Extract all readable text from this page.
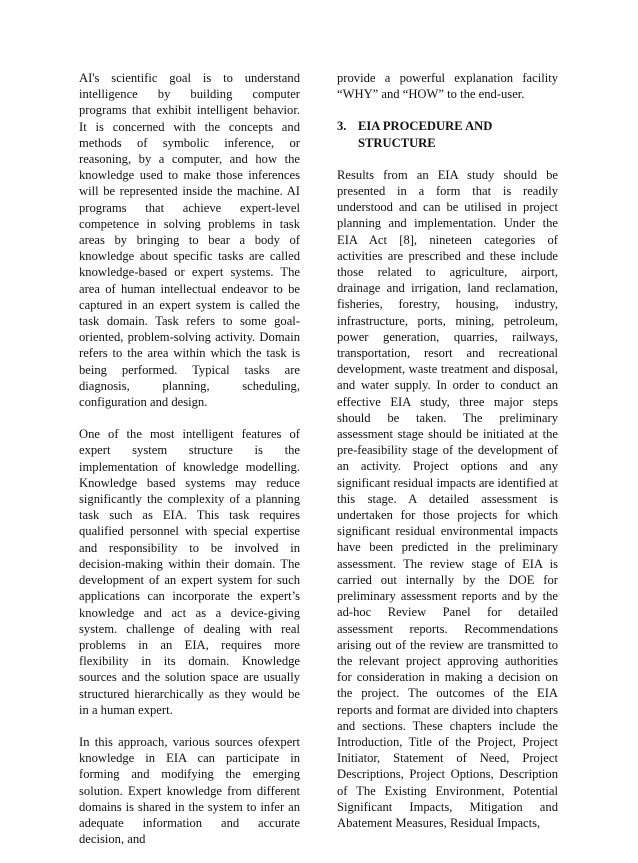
AI's scientific goal is to understand intelligence by building computer programs that exhibit intelligent behavior. It is concerned with the concepts and methods of symbolic inference, or reasoning, by a computer, and how the knowledge used to make those inferences will be represented inside the machine. AI programs that achieve expert-level competence in solving problems in task areas by bringing to bear a body of knowledge about specific tasks are called knowledge-based or expert systems. The area of human intellectual endeavor to be captured in an expert system is called the task domain. Task refers to some goal-oriented, problem-solving activity. Domain refers to the area within which the task is being performed. Typical tasks are diagnosis, planning, scheduling, configuration and design.

One of the most intelligent features of expert system structure is the implementation of knowledge modelling. Knowledge based systems may reduce significantly the complexity of a planning task such as EIA. This task requires qualified personnel with special expertise and responsibility to be involved in decision-making within their domain. The development of an expert system for such applications can incorporate the expert’s knowledge and act as a device-giving system. challenge of dealing with real problems in an EIA, requires more flexibility in its domain. Knowledge sources and the solution space are usually structured hierarchically as they would be in a human expert.

In this approach, various sources ofexpert knowledge in EIA can participate in forming and modifying the emerging solution. Expert knowledge from different domains is shared in the system to infer an adequate information and accurate decision, and

provide a powerful explanation facility “WHY” and “HOW” to the end-user.

3. EIA PROCEDURE AND STRUCTURE

Results from an EIA study should be presented in a form that is readily understood and can be utilised in project planning and implementation. Under the EIA Act [8], nineteen categories of activities are prescribed and these include those related to agriculture, airport, drainage and irrigation, land reclamation, fisheries, forestry, housing, industry, infrastructure, ports, mining, petroleum, power generation, quarries, railways, transportation, resort and recreational development, waste treatment and disposal, and water supply. In order to conduct an effective EIA study, three major steps should be taken. The preliminary assessment stage should be initiated at the pre-feasibility stage of the development of an activity. Project options and any significant residual impacts are identified at this stage. A detailed assessment is undertaken for those projects for which significant residual environmental impacts have been predicted in the preliminary assessment. The review stage of EIA is carried out internally by the DOE for preliminary assessment reports and by the ad-hoc Review Panel for detailed assessment reports. Recommendations arising out of the review are transmitted to the relevant project approving authorities for consideration in making a decision on the project. The outcomes of the EIA reports and format are divided into chapters and sections. These chapters include the Introduction, Title of the Project, Project Initiator, Statement of Need, Project Descriptions, Project Options, Description of The Existing Environment, Potential Significant Impacts, Mitigation and Abatement Measures, Residual Impacts,
